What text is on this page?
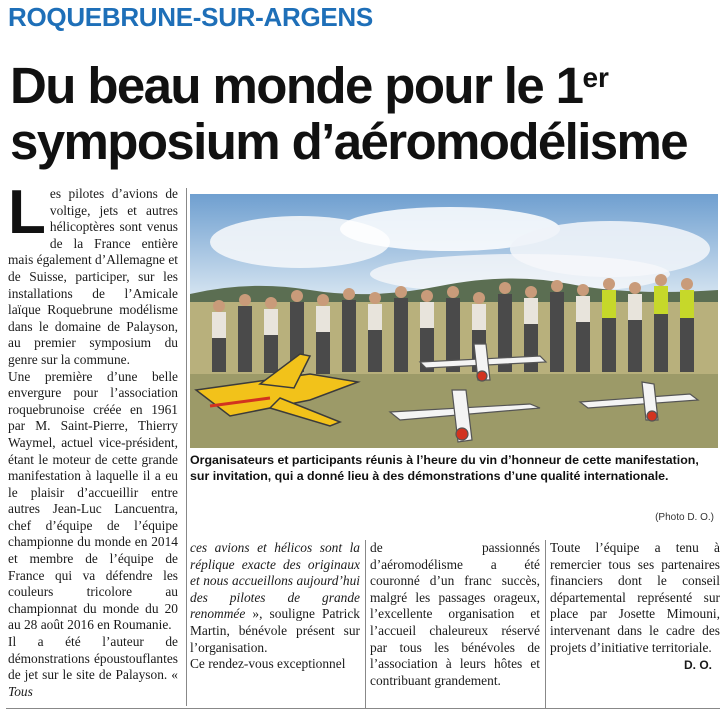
ROQUEBRUNE-SUR-ARGENS
Du beau monde pour le 1er
symposium d’aéromodélisme

Les pilotes d’avions de voltige, jets et autres hélicoptères sont venus de la France entière mais également d’Allemagne et de Suisse, participer, sur les installations de l’Amicale laïque Roquebrune modélisme dans le domaine de Palayson, au premier symposium du genre sur la commune.

Une première d’une belle envergure pour l’association roquebrunoise créée en 1961 par M. Saint-Pierre, Thierry Waymel, actuel vice-président, étant le moteur de cette grande manifestation à laquelle il a eu le plaisir d’accueillir entre autres Jean-Luc Lancuentra, chef d’équipe de l’équipe championne du monde en 2014 et membre de l’équipe de France qui va défendre les couleurs tricolore au championnat du monde du 20 au 28 août 2016 en Roumanie.

Il a été l’auteur de démonstrations époustouflantes de jet sur le site de Palayson. « Tous

Organisateurs et participants réunis à l’heure du vin d’honneur de cette manifestation, sur invitation, qui a donné lieu à des démonstrations d’une qualité internationale.
(Photo D. O.)

ces avions et hélicos sont la réplique exacte des originaux et nous accueillons aujourd’hui des pilotes de grande renommée », souligne Patrick Martin, bénévole présent sur l’organisation.

Ce rendez-vous exceptionnel

de passionnés d’aéromodélisme a été couronné d’un franc succès, malgré les passages orageux, l’excellente organisation et l’accueil chaleureux réservé par tous les bénévoles de l’association à leurs hôtes et contribuant grandement.

Toute l’équipe a tenu à remercier tous ses partenaires financiers dont le conseil départemental représenté sur place par Josette Mimouni, intervenant dans le cadre des projets d’initiative territoriale.

D. O.
